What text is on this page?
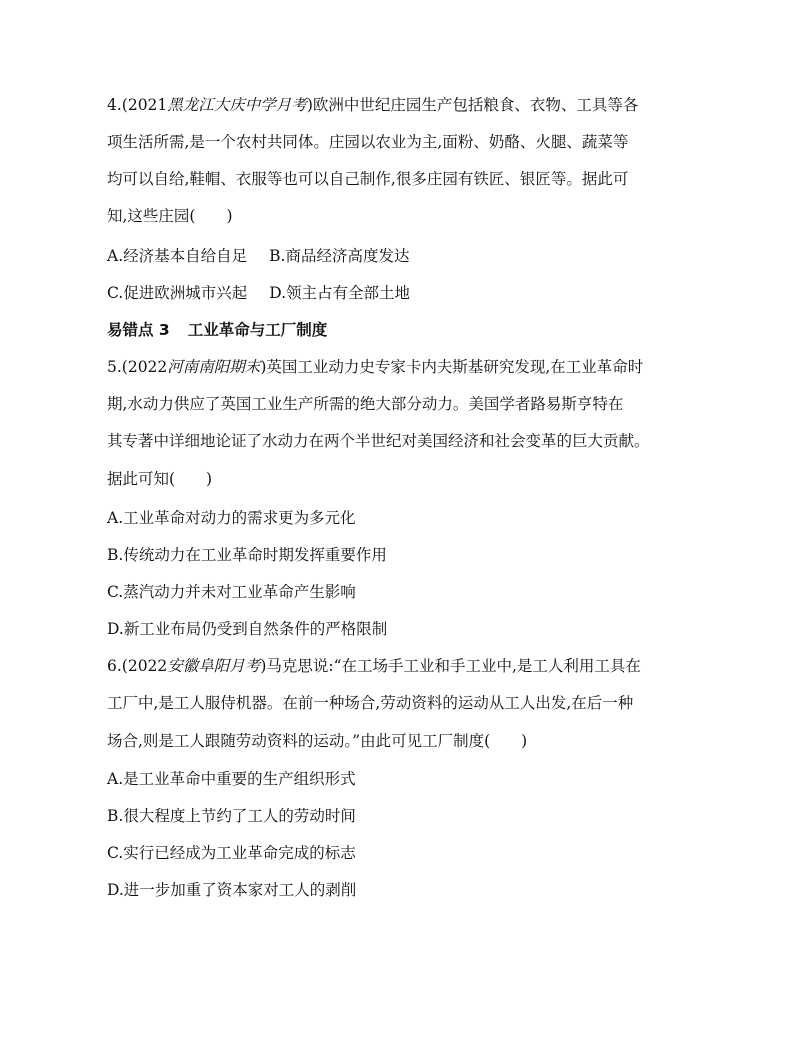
4.(2021黑龙江大庆中学月考)欧洲中世纪庄园生产包括粮食、衣物、工具等各
项生活所需,是一个农村共同体。庄园以农业为主,面粉、奶酪、火腿、蔬菜等
均可以自给,鞋帽、衣服等也可以自己制作,很多庄园有铁匠、银匠等。据此可
知,这些庄园(　　)
A.经济基本自给自足 B.商品经济高度发达
C.促进欧洲城市兴起 D.领主占有全部土地
易错点 3 工业革命与工厂制度
5.(2022河南南阳期末)英国工业动力史专家卡内夫斯基研究发现,在工业革命时
期,水动力供应了英国工业生产所需的绝大部分动力。美国学者路易斯亨特在
其专著中详细地论证了水动力在两个半世纪对美国经济和社会变革的巨大贡献。
据此可知(　　)
A.工业革命对动力的需求更为多元化
B.传统动力在工业革命时期发挥重要作用
C.蒸汽动力并未对工业革命产生影响
D.新工业布局仍受到自然条件的严格限制
6.(2022安徽阜阳月考)马克思说:“在工场手工业和手工业中,是工人利用工具在
工厂中,是工人服侍机器。在前一种场合,劳动资料的运动从工人出发,在后一种
场合,则是工人跟随劳动资料的运动。”由此可见工厂制度(　　)
A.是工业革命中重要的生产组织形式
B.很大程度上节约了工人的劳动时间
C.实行已经成为工业革命完成的标志
D.进一步加重了资本家对工人的剥削
